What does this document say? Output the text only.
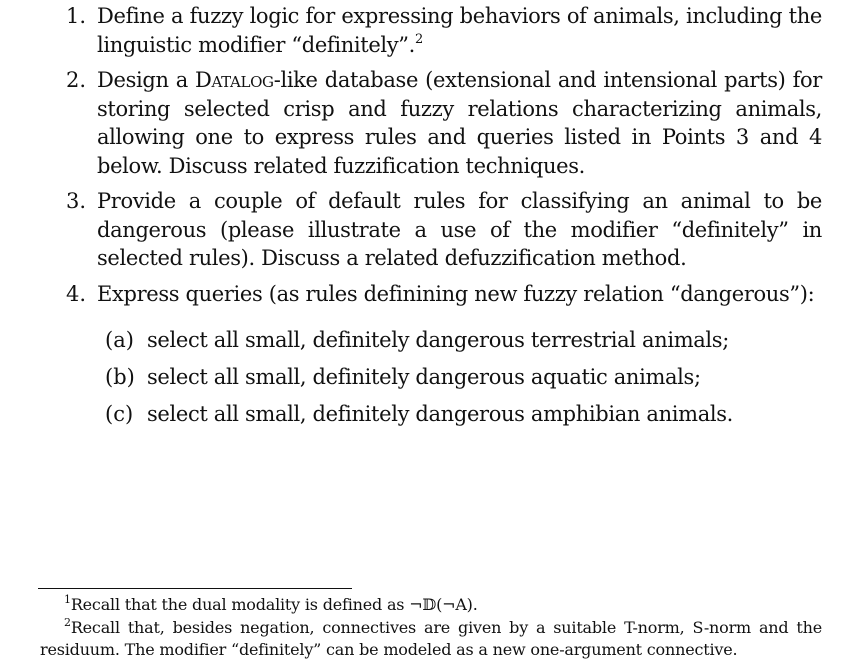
1. Define a fuzzy logic for expressing behaviors of animals, including the linguistic modifier “definitely”.$^2$
2. Design a Datalog-like database (extensional and intensional parts) for storing selected crisp and fuzzy relations characterizing animals, allowing one to express rules and queries listed in Points 3 and 4 below. Discuss related fuzzification techniques.
3. Provide a couple of default rules for classifying an animal to be dangerous (please illustrate a use of the modifier “definitely” in selected rules). Discuss a related defuzzification method.
4. Express queries (as rules definining new fuzzy relation “dangerous”):
(a) select all small, definitely dangerous terrestrial animals;
(b) select all small, definitely dangerous aquatic animals;
(c) select all small, definitely dangerous amphibian animals.
$^1$Recall that the dual modality is defined as ¬𝔻(¬A).
$^2$Recall that, besides negation, connectives are given by a suitable T-norm, S-norm and the residuum. The modifier “definitely” can be modeled as a new one-argument connective.
